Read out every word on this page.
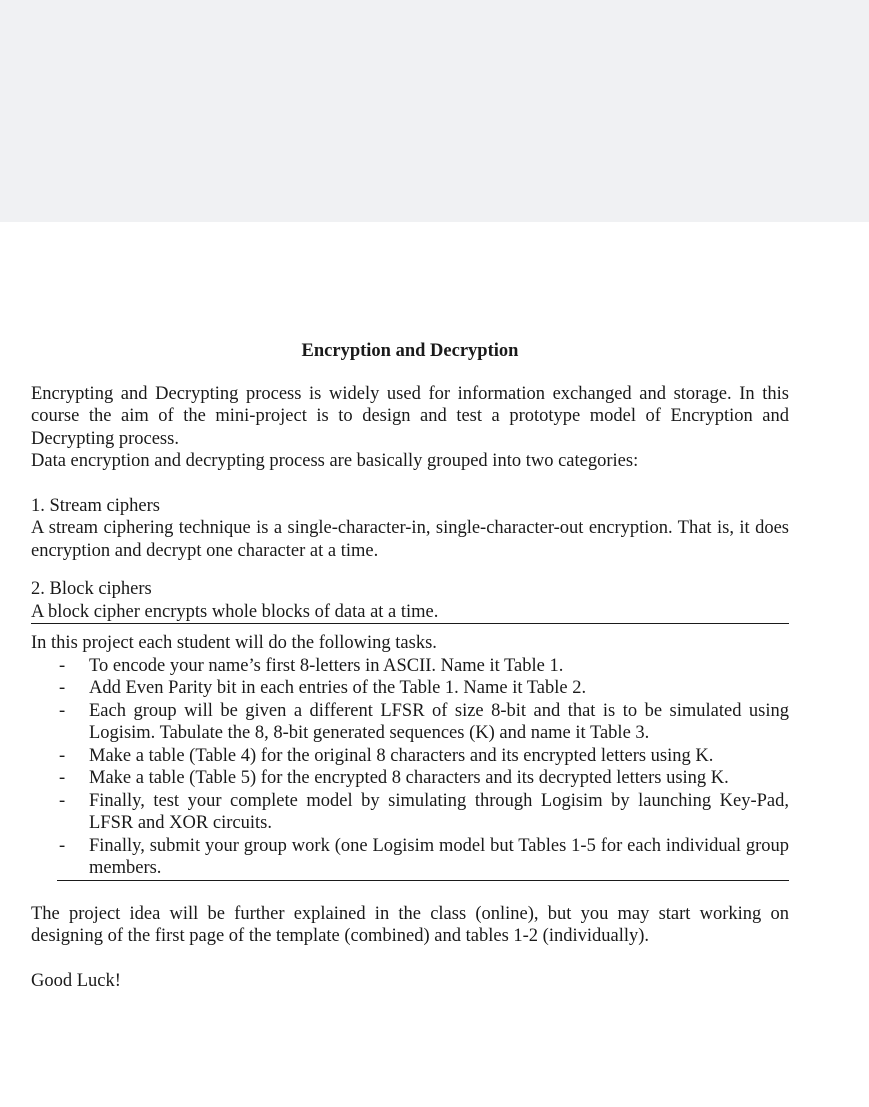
Encryption and Decryption

Encrypting and Decrypting process is widely used for information exchanged and storage. In this course the aim of the mini-project is to design and test a prototype model of Encryption and Decrypting process.

Data encryption and decrypting process are basically grouped into two categories:

1. Stream ciphers

A stream ciphering technique is a single-character-in, single-character-out encryption. That is, it does encryption and decrypt one character at a time.

2. Block ciphers

A block cipher encrypts whole blocks of data at a time.

In this project each student will do the following tasks.

- To encode your name’s first 8-letters in ASCII. Name it Table 1.
- Add Even Parity bit in each entries of the Table 1. Name it Table 2.
- Each group will be given a different LFSR of size 8-bit and that is to be simulated using Logisim. Tabulate the 8, 8-bit generated sequences (K) and name it Table 3.
- Make a table (Table 4) for the original 8 characters and its encrypted letters using K.
- Make a table (Table 5) for the encrypted 8 characters and its decrypted letters using K.
- Finally, test your complete model by simulating through Logisim by launching Key-Pad, LFSR and XOR circuits.
- Finally, submit your group work (one Logisim model but Tables 1-5 for each individual group members.

The project idea will be further explained in the class (online), but you may start working on designing of the first page of the template (combined) and tables 1-2 (individually).

Good Luck!
